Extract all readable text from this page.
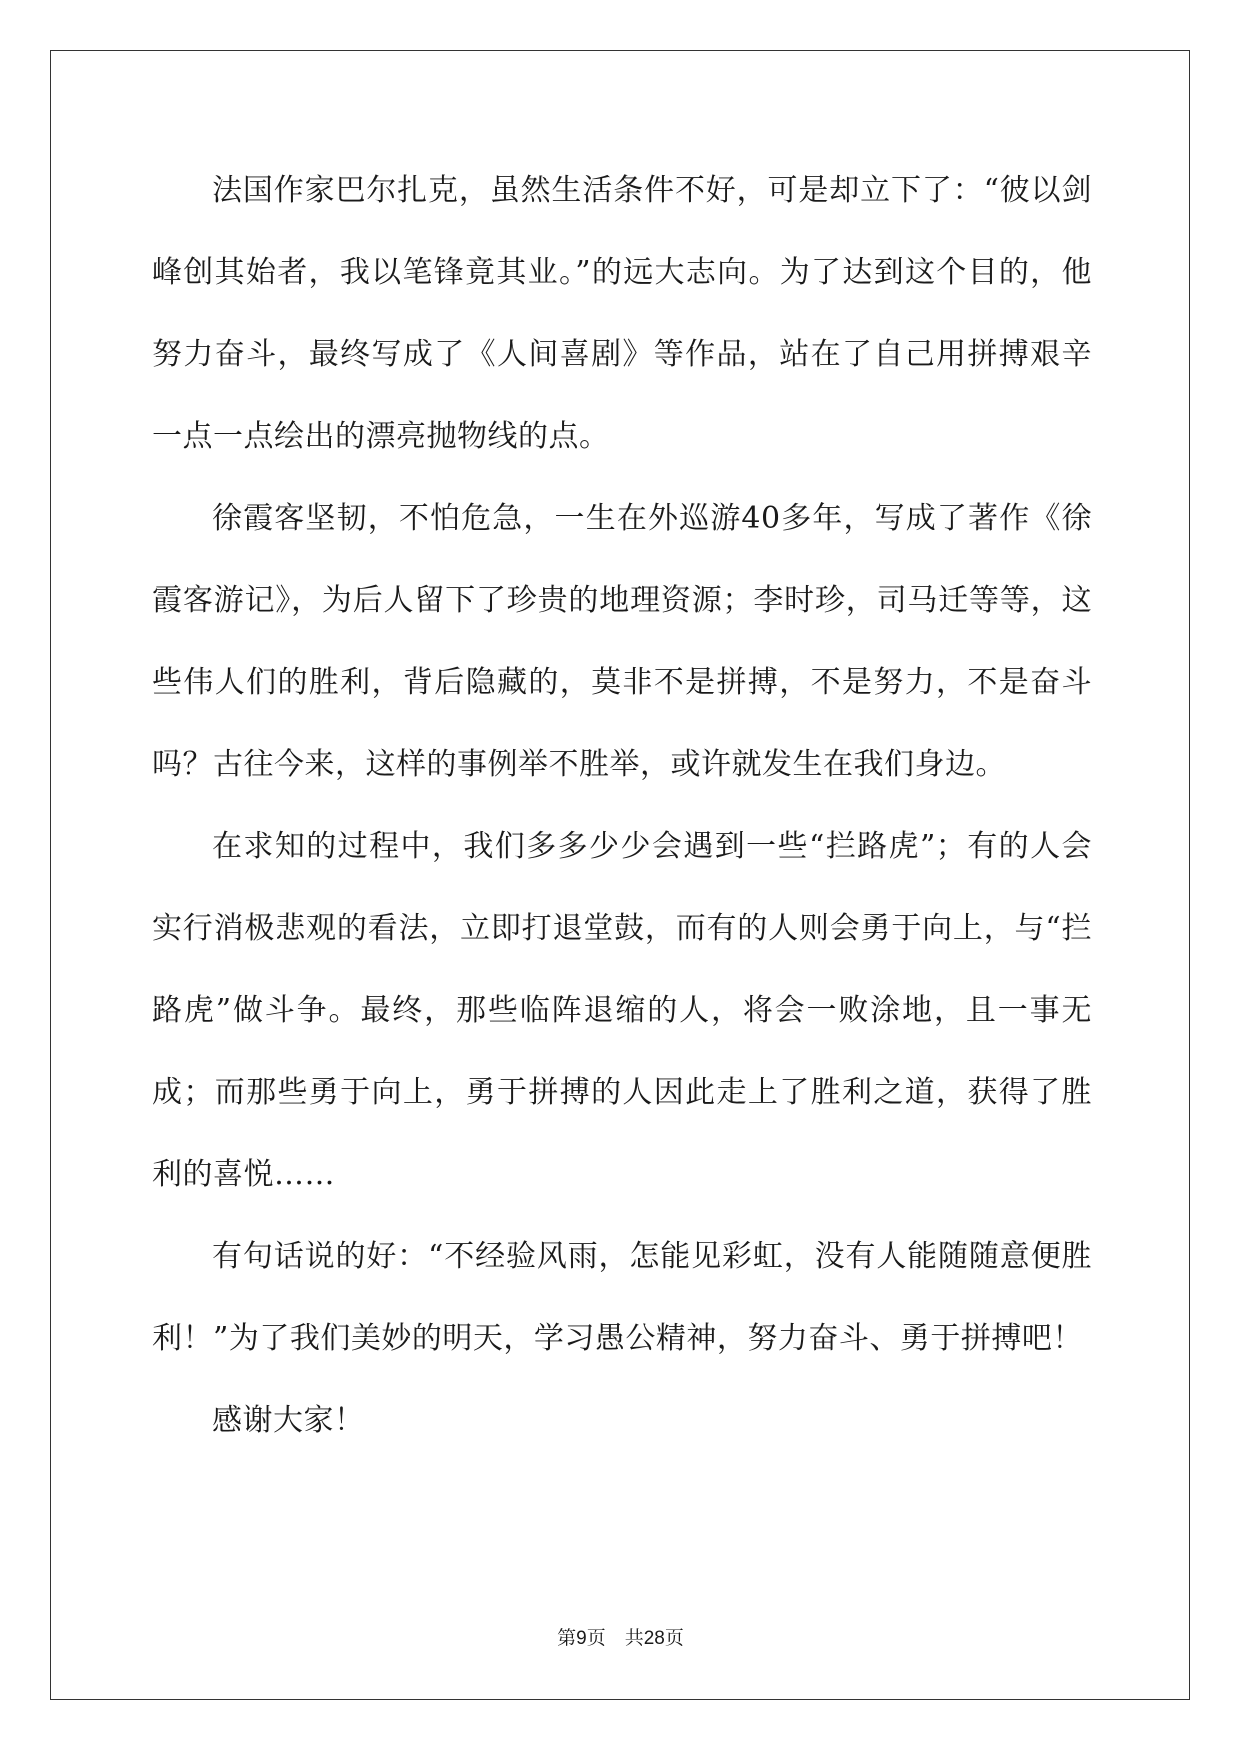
法国作家巴尔扎克，虽然生活条件不好，可是却立下了：“彼以剑峰创其始者，我以笔锋竟其业。”的远大志向。为了达到这个目的，他努力奋斗，最终写成了《人间喜剧》等作品，站在了自己用拼搏艰辛一点一点绘出的漂亮抛物线的点。

徐霞客坚韧，不怕危急，一生在外巡游40多年，写成了著作《徐霞客游记》，为后人留下了珍贵的地理资源；李时珍，司马迁等等，这些伟人们的胜利，背后隐藏的，莫非不是拼搏，不是努力，不是奋斗吗？古往今来，这样的事例举不胜举，或许就发生在我们身边。

在求知的过程中，我们多多少少会遇到一些“拦路虎”；有的人会实行消极悲观的看法，立即打退堂鼓，而有的人则会勇于向上，与“拦路虎”做斗争。最终，那些临阵退缩的人，将会一败涂地，且一事无成；而那些勇于向上，勇于拼搏的人因此走上了胜利之道，获得了胜利的喜悦……

有句话说的好：“不经验风雨，怎能见彩虹，没有人能随随意便胜利！”为了我们美妙的明天，学习愚公精神，努力奋斗、勇于拼搏吧！

感谢大家！

第9页　共28页
